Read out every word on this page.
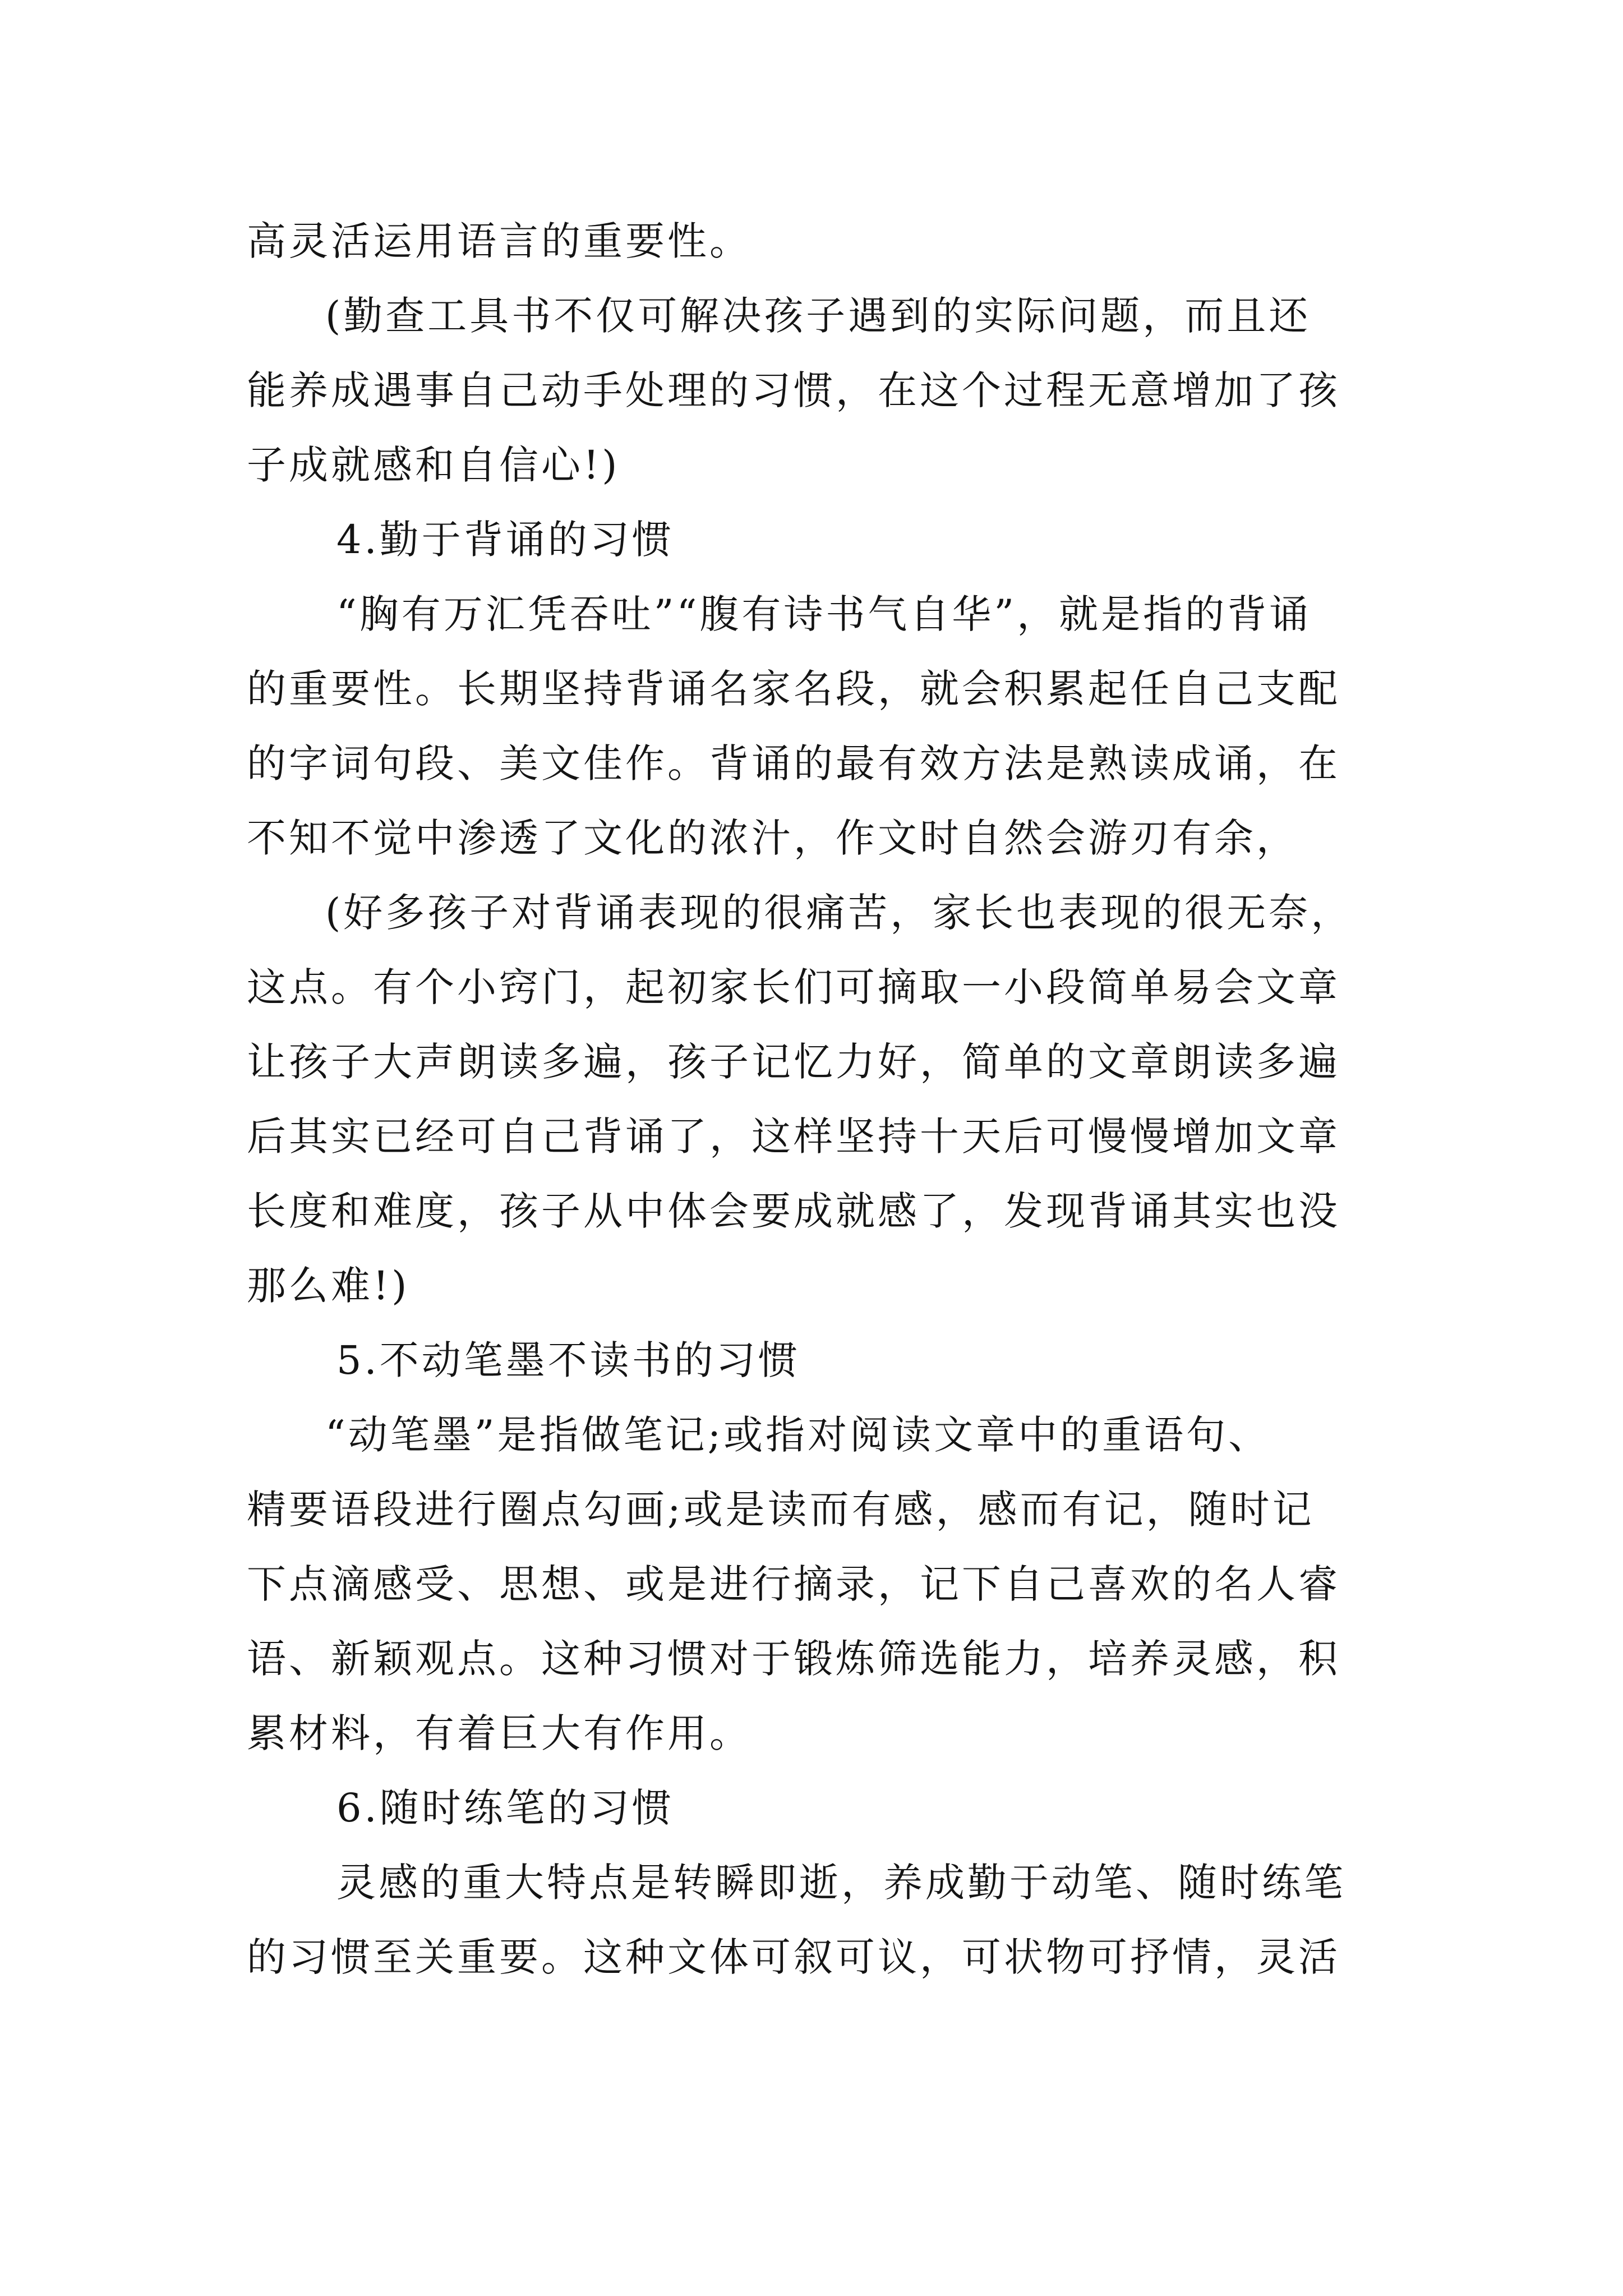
高灵活运用语言的重要性。
(勤查工具书不仅可解决孩子遇到的实际问题，而且还
能养成遇事自己动手处理的习惯，在这个过程无意增加了孩
子成就感和自信心!)
4.勤于背诵的习惯
“胸有万汇凭吞吐”“腹有诗书气自华”，就是指的背诵
的重要性。长期坚持背诵名家名段，就会积累起任自己支配
的字词句段、美文佳作。背诵的最有效方法是熟读成诵，在
不知不觉中渗透了文化的浓汁，作文时自然会游刃有余，
(好多孩子对背诵表现的很痛苦，家长也表现的很无奈，
这点。有个小窍门，起初家长们可摘取一小段简单易会文章
让孩子大声朗读多遍，孩子记忆力好，简单的文章朗读多遍
后其实已经可自己背诵了，这样坚持十天后可慢慢增加文章
长度和难度，孩子从中体会要成就感了，发现背诵其实也没
那么难!)
5.不动笔墨不读书的习惯
“动笔墨”是指做笔记;或指对阅读文章中的重语句、
精要语段进行圈点勾画;或是读而有感，感而有记，随时记
下点滴感受、思想、或是进行摘录，记下自己喜欢的名人睿
语、新颖观点。这种习惯对于锻炼筛选能力，培养灵感，积
累材料，有着巨大有作用。
6.随时练笔的习惯
灵感的重大特点是转瞬即逝，养成勤于动笔、随时练笔
的习惯至关重要。这种文体可叙可议，可状物可抒情，灵活
